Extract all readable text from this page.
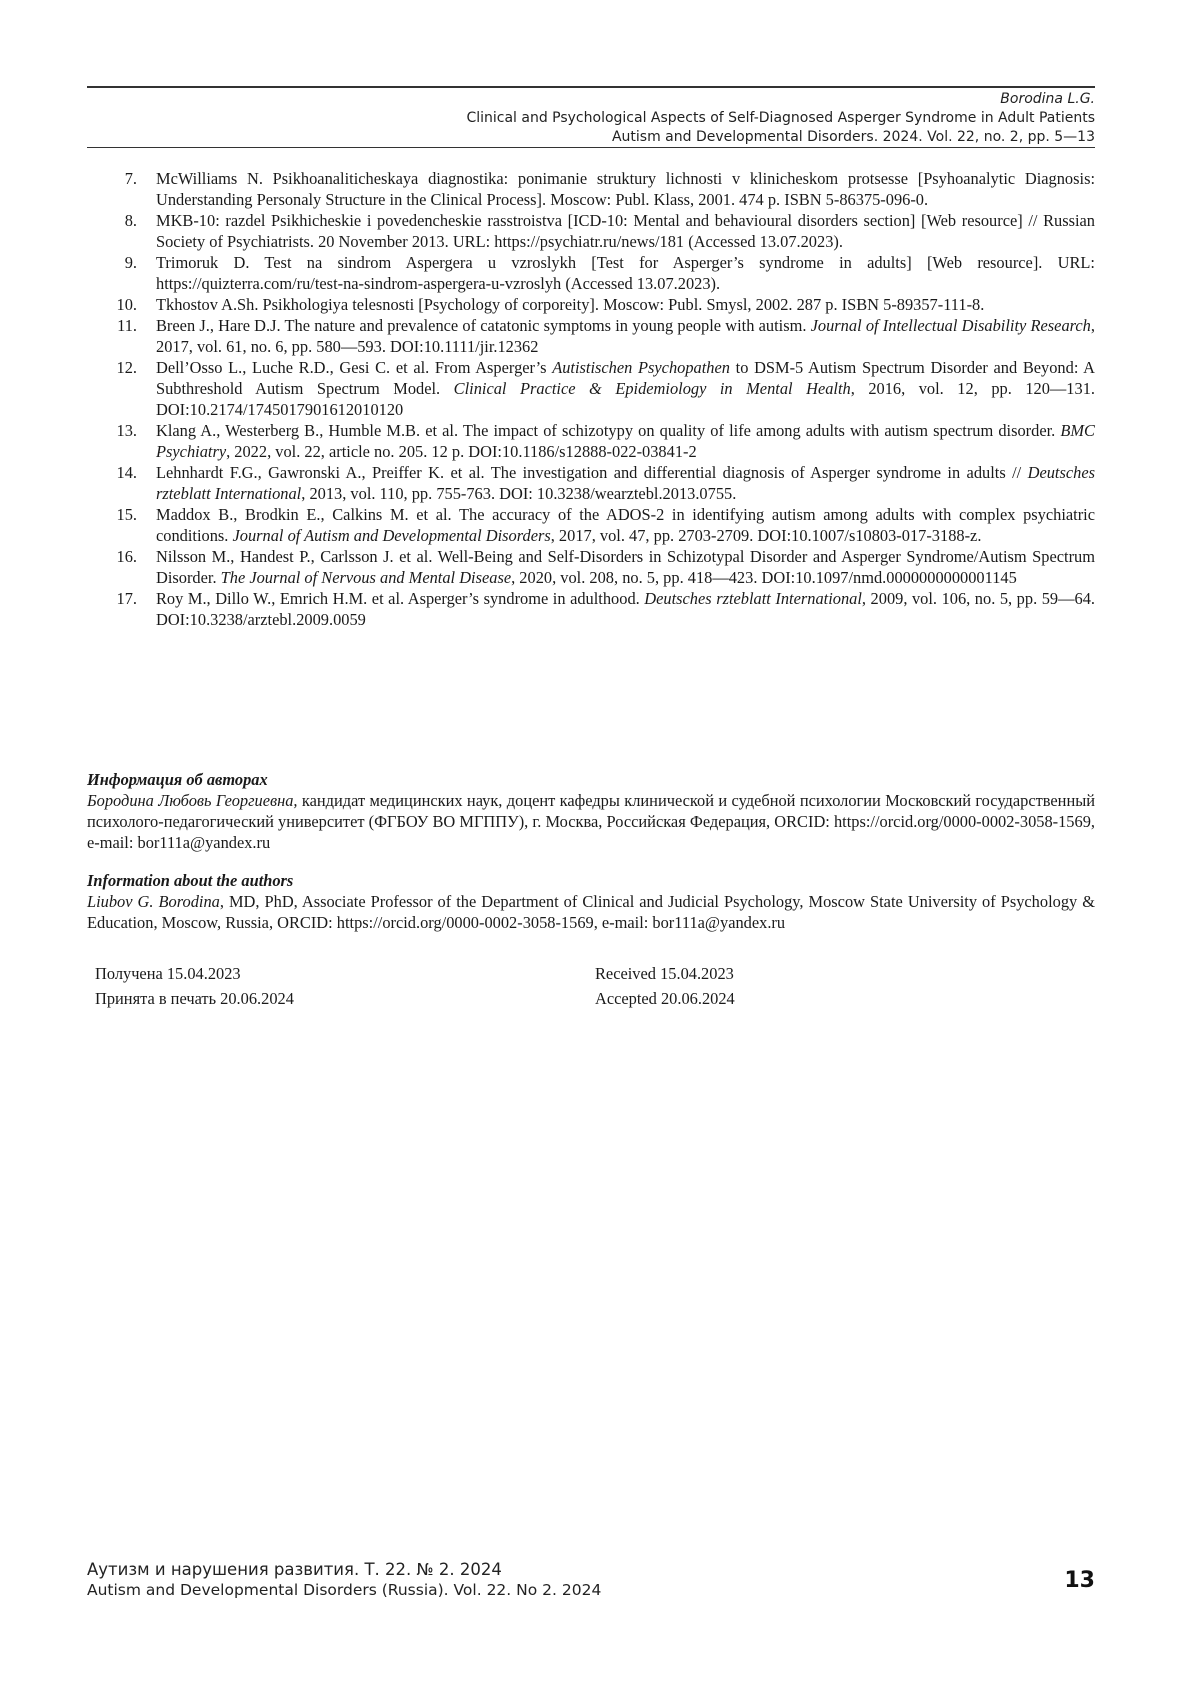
Borodina L.G.
Clinical and Psychological Aspects of Self-Diagnosed Asperger Syndrome in Adult Patients
Autism and Developmental Disorders. 2024. Vol. 22, no. 2, pp. 5—13
7. McWilliams N. Psikhoanaliticheskaya diagnostika: ponimanie struktury lichnosti v klinicheskom protsesse [Psyhoanalytic Diagnosis: Understanding Personaly Structure in the Clinical Process]. Moscow: Publ. Klass, 2001. 474 p. ISBN 5-86375-096-0.
8. MKB-10: razdel Psikhicheskie i povedencheskie rasstroistva [ICD-10: Mental and behavioural disorders section] [Web resource] // Russian Society of Psychiatrists. 20 November 2013. URL: https://psychiatr.ru/news/181 (Accessed 13.07.2023).
9. Trimoruk D. Test na sindrom Aspergera u vzroslykh [Test for Asperger’s syndrome in adults] [Web resource]. URL: https://quizterra.com/ru/test-na-sindrom-aspergera-u-vzroslyh (Accessed 13.07.2023).
10. Tkhostov A.Sh. Psikhologiya telesnosti [Psychology of corporeity]. Moscow: Publ. Smysl, 2002. 287 p. ISBN 5-89357-111-8.
11. Breen J., Hare D.J. The nature and prevalence of catatonic symptoms in young people with autism. Journal of Intellectual Disability Research, 2017, vol. 61, no. 6, pp. 580—593. DOI:10.1111/jir.12362
12. Dell’Osso L., Luche R.D., Gesi C. et al. From Asperger’s Autistischen Psychopathen to DSM-5 Autism Spectrum Disorder and Beyond: A Subthreshold Autism Spectrum Model. Clinical Practice & Epidemiology in Mental Health, 2016, vol. 12, pp. 120—131. DOI:10.2174/1745017901612010120
13. Klang A., Westerberg B., Humble M.B. et al. The impact of schizotypy on quality of life among adults with autism spectrum disorder. BMC Psychiatry, 2022, vol. 22, article no. 205. 12 p. DOI:10.1186/s12888-022-03841-2
14. Lehnhardt F.G., Gawronski A., Preiffer K. et al. The investigation and differential diagnosis of Asperger syndrome in adults // Deutsches rzteblatt International, 2013, vol. 110, pp. 755-763. DOI: 10.3238/wearztebl.2013.0755.
15. Maddox B., Brodkin E., Calkins M. et al. The accuracy of the ADOS-2 in identifying autism among adults with complex psychiatric conditions. Journal of Autism and Developmental Disorders, 2017, vol. 47, pp. 2703-2709. DOI:10.1007/s10803-017-3188-z.
16. Nilsson M., Handest P., Carlsson J. et al. Well-Being and Self-Disorders in Schizotypal Disorder and Asperger Syndrome/Autism Spectrum Disorder. The Journal of Nervous and Mental Disease, 2020, vol. 208, no. 5, pp. 418—423. DOI:10.1097/nmd.0000000000001145
17. Roy M., Dillo W., Emrich H.M. et al. Asperger’s syndrome in adulthood. Deutsches rzteblatt International, 2009, vol. 106, no. 5, pp. 59—64. DOI:10.3238/arztebl.2009.0059
Информация об авторах
Бородина Любовь Георгиевна, кандидат медицинских наук, доцент кафедры клинической и судебной психологии Московский государственный психолого-педагогический университет (ФГБОУ ВО МГППУ), г. Москва, Российская Федерация, ORCID: https://orcid.org/0000-0002-3058-1569, e-mail: bor111a@yandex.ru
Information about the authors
Liubov G. Borodina, MD, PhD, Associate Professor of the Department of Clinical and Judicial Psychology, Moscow State University of Psychology & Education, Moscow, Russia, ORCID: https://orcid.org/0000-0002-3058-1569, e-mail: bor111a@yandex.ru
Получена 15.04.2023
Принята в печать 20.06.2024
Received 15.04.2023
Accepted 20.06.2024
Аутизм и нарушения развития. Т. 22. № 2. 2024
Autism and Developmental Disorders (Russia). Vol. 22. No 2. 2024	13
